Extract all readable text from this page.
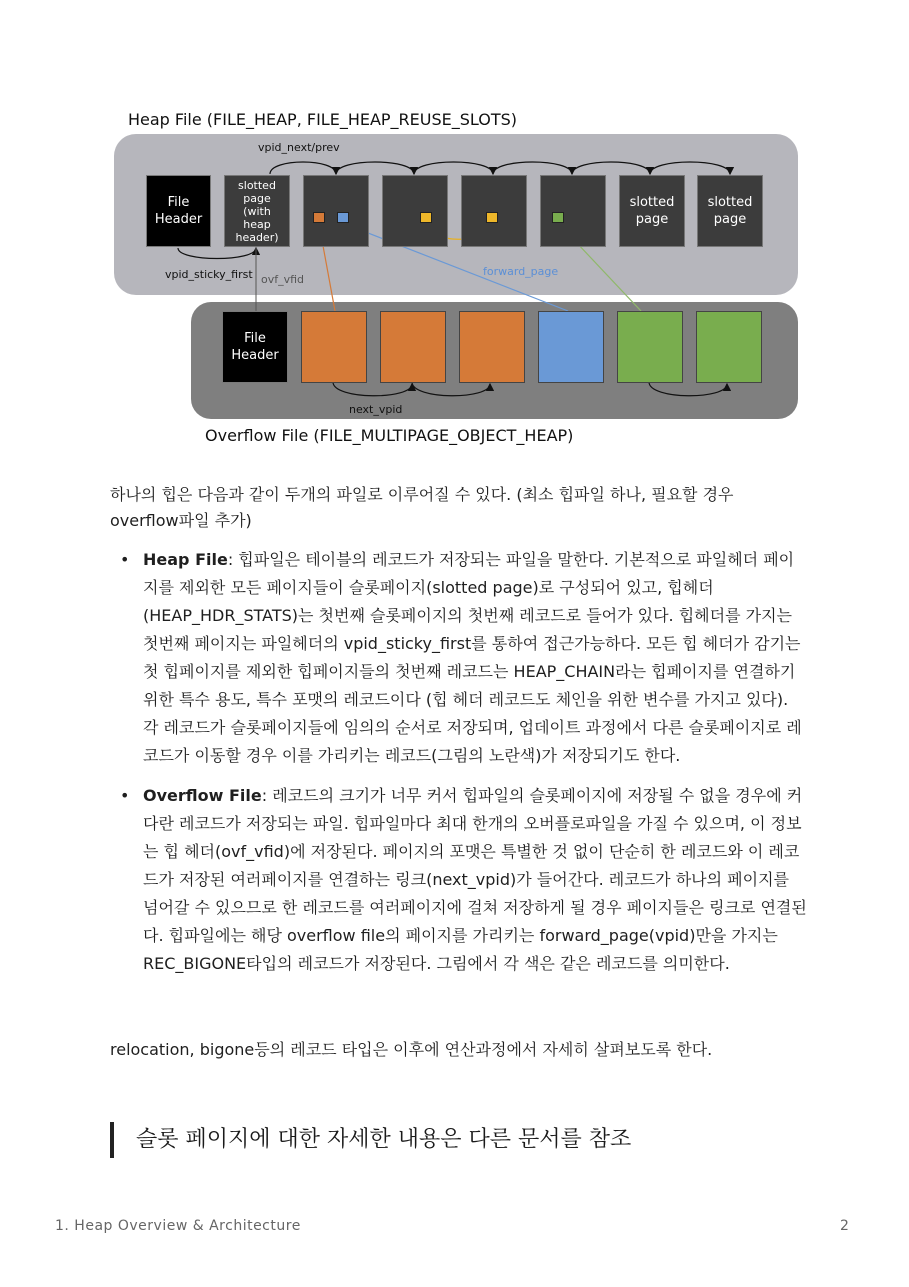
Heap File (FILE_HEAP, FILE_HEAP_REUSE_SLOTS)
vpid_next/prev
vpid_sticky_first ovf_vfid
forward_page
next_vpid
File
Header
slotted
page
(with
heap
header)
slotted
page
slotted
page
File
Header
Overflow File (FILE_MULTIPAGE_OBJECT_HEAP)

하나의 힙은 다음과 같이 두개의 파일로 이루어질 수 있다. (최소 힙파일 하나, 필요할 경우 overflow파일 추가)

• Heap File: 힙파일은 테이블의 레코드가 저장되는 파일을 말한다. 기본적으로 파일헤더 페이지를 제외한 모든 페이지들이 슬롯페이지(slotted page)로 구성되어 있고, 힙헤더(HEAP_HDR_STATS)는 첫번째 슬롯페이지의 첫번째 레코드로 들어가 있다. 힙헤더를 가지는 첫번째 페이지는 파일헤더의 vpid_sticky_first를 통하여 접근가능하다. 모든 힙 헤더가 감기는 첫 힙페이지를 제외한 힙페이지들의 첫번째 레코드는 HEAP_CHAIN라는 힙페이지를 연결하기 위한 특수 용도, 특수 포맷의 레코드이다 (힙 헤더 레코드도 체인을 위한 변수를 가지고 있다). 각 레코드가 슬롯페이지들에 임의의 순서로 저장되며, 업데이트 과정에서 다른 슬롯페이지로 레코드가 이동할 경우 이를 가리키는 레코드(그림의 노란색)가 저장되기도 한다.
• Overflow File: 레코드의 크기가 너무 커서 힙파일의 슬롯페이지에 저장될 수 없을 경우에 커다란 레코드가 저장되는 파일. 힙파일마다 최대 한개의 오버플로파일을 가질 수 있으며, 이 정보는 힙 헤더(ovf_vfid)에 저장된다. 페이지의 포맷은 특별한 것 없이 단순히 한 레코드와 이 레코드가 저장된 여러페이지를 연결하는 링크(next_vpid)가 들어간다. 레코드가 하나의 페이지를 넘어갈 수 있으므로 한 레코드를 여러페이지에 걸쳐 저장하게 될 경우 페이지들은 링크로 연결된다. 힙파일에는 해당 overflow file의 페이지를 가리키는 forward_page(vpid)만을 가지는 REC_BIGONE타입의 레코드가 저장된다. 그림에서 각 색은 같은 레코드를 의미한다.

relocation, bigone등의 레코드 타입은 이후에 연산과정에서 자세히 살펴보도록 한다.

슬롯 페이지에 대한 자세한 내용은 다른 문서를 참조
1. Heap Overview & Architecture	2
